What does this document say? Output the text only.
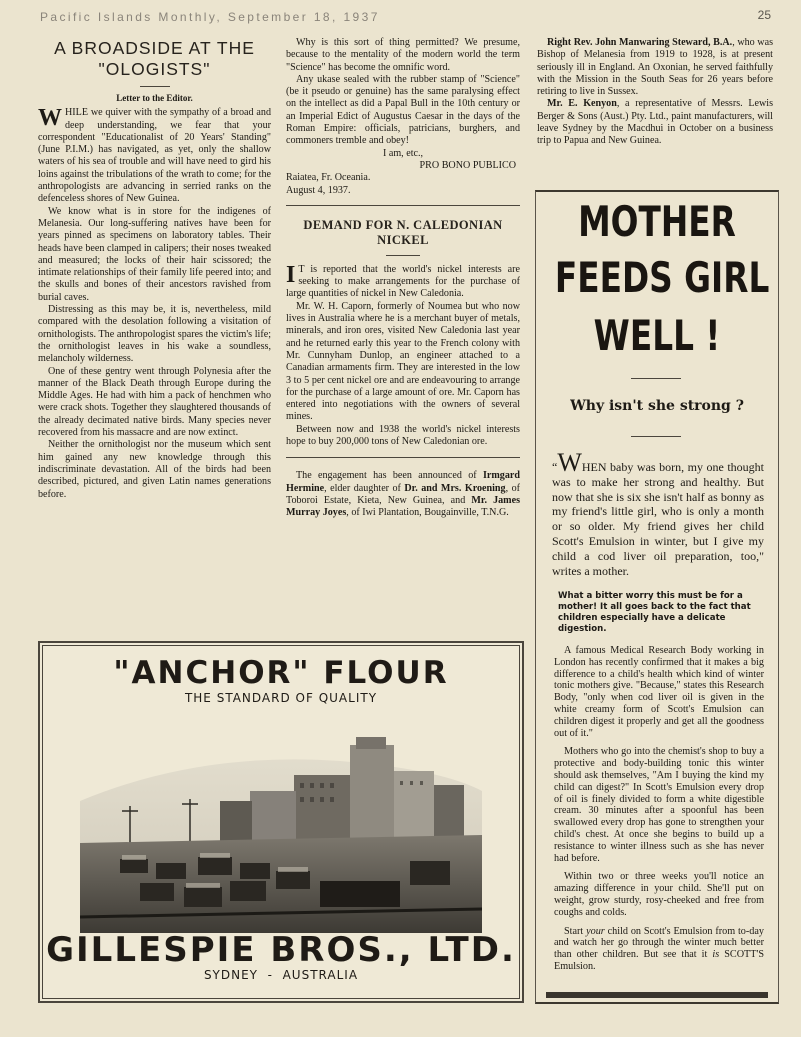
Pacific Islands Monthly, September 18, 1937	25
A BROADSIDE AT THE
"OLOGISTS"
Letter to the Editor.

WHILE we quiver with the sympathy of a broad and deep understanding, we fear that your correspondent "Educationalist of 20 Years' Standing" (June P.I.M.) has navigated, as yet, only the shallow waters of his sea of trouble and will have need to gird his loins against the tribulations of the wrath to come; for the anthropologists are advancing in serried ranks on the defenceless shores of New Guinea.

We know what is in store for the indigenes of Melanesia. Our long-suffering natives have been for years pinned as specimens on laboratory tables. Their heads have been clamped in calipers; their noses tweaked and measured; the locks of their hair scissored; the intimate relationships of their family life peered into; and the skulls and bones of their ancestors ravished from burial caves.

Distressing as this may be, it is, nevertheless, mild compared with the desolation following a visitation of ornithologists. The anthropologist spares the victim's life; the ornithologist leaves in his wake a soundless, melancholy wilderness.

One of these gentry went through Polynesia after the manner of the Black Death through Europe during the Middle Ages. He had with him a pack of henchmen who were crack shots. Together they slaughtered thousands of the already decimated native birds. Many species never recovered from his massacre and are now extinct.

Neither the ornithologist nor the museum which sent him gained any new knowledge through this indiscriminate devastation. All of the birds had been described, pictured, and given Latin names generations before.

Why is this sort of thing permitted? We presume, because to the mentality of the modern world the term "Science" has become the omnific word.

Any ukase sealed with the rubber stamp of "Science" (be it pseudo or genuine) has the same paralysing effect on the intellect as did a Papal Bull in the 10th century or an Imperial Edict of Augustus Caesar in the days of the Roman Empire: officials, patricians, burghers, and commoners tremble and obey!

I am, etc.,

PRO BONO PUBLICO

Raiatea, Fr. Oceania.

August 4, 1937.

DEMAND FOR N. CALEDONIAN
NICKEL

I T is reported that the world's nickel interests are seeking to make arrangements for the purchase of large quantities of nickel in New Caledonia.

Mr. W. H. Caporn, formerly of Noumea but who now lives in Australia where he is a merchant buyer of metals, minerals, and iron ores, visited New Caledonia last year and he returned early this year to the French colony with Mr. Cunnyham Dunlop, an engineer attached to a Canadian armaments firm. They are interested in the low 3 to 5 per cent nickel ore and are endeavouring to arrange for the purchase of a large amount of ore. Mr. Caporn has entered into negotiations with the owners of several mines.

Between now and 1938 the world's nickel interests hope to buy 200,000 tons of New Caledonian ore.

The engagement has been announced of Irmgard Hermine, elder daughter of Dr. and Mrs. Kroening, of Toboroi Estate, Kieta, New Guinea, and Mr. James Murray Joyes, of Iwi Plantation, Bougainville, T.N.G.

Right Rev. John Manwaring Steward, B.A., who was Bishop of Melanesia from 1919 to 1928, is at present seriously ill in England. An Oxonian, he served faithfully with the Mission in the South Seas for 26 years before retiring to live in Sussex.

Mr. E. Kenyon, a representative of Messrs. Lewis Berger & Sons (Aust.) Pty. Ltd., paint manufacturers, will leave Sydney by the Macdhui in October on a business trip to Papua and New Guinea.

"ANCHOR" FLOUR
THE STANDARD OF QUALITY
GILLESPIE BROS., LTD.
SYDNEY  -  AUSTRALIA
MOTHER
FEEDS GIRL
WELL !
Why isn't she strong ?

“WHEN baby was born, my one thought was to make her strong and healthy. But now that she is six she isn't half as bonny as my friend's little girl, who is only a month or so older. My friend gives her child Scott's Emulsion in winter, but I give my child a cod liver oil preparation, too," writes a mother.

What a bitter worry this must be for a mother! It all goes back to the fact that children especially have a delicate digestion.

A famous Medical Research Body working in London has recently confirmed that it makes a big difference to a child's health which kind of winter tonic mothers give. "Because," states this Research Body, "only when cod liver oil is given in the white creamy form of Scott's Emulsion can children digest it properly and get all the goodness out of it."

Mothers who go into the chemist's shop to buy a protective and body-building tonic this winter should ask themselves, "Am I buying the kind my child can digest?" In Scott's Emulsion every drop of oil is finely divided to form a white digestible cream. 30 minutes after a spoonful has been swallowed every drop has gone to strengthen your child's chest. At once she begins to build up a resistance to winter illness such as she has never had before.

Within two or three weeks you'll notice an amazing difference in your child. She'll put on weight, grow sturdy, rosy-cheeked and free from coughs and colds.

Start your child on Scott's Emulsion from to-day and watch her go through the winter much better than other children. But see that it is SCOTT'S Emulsion.
